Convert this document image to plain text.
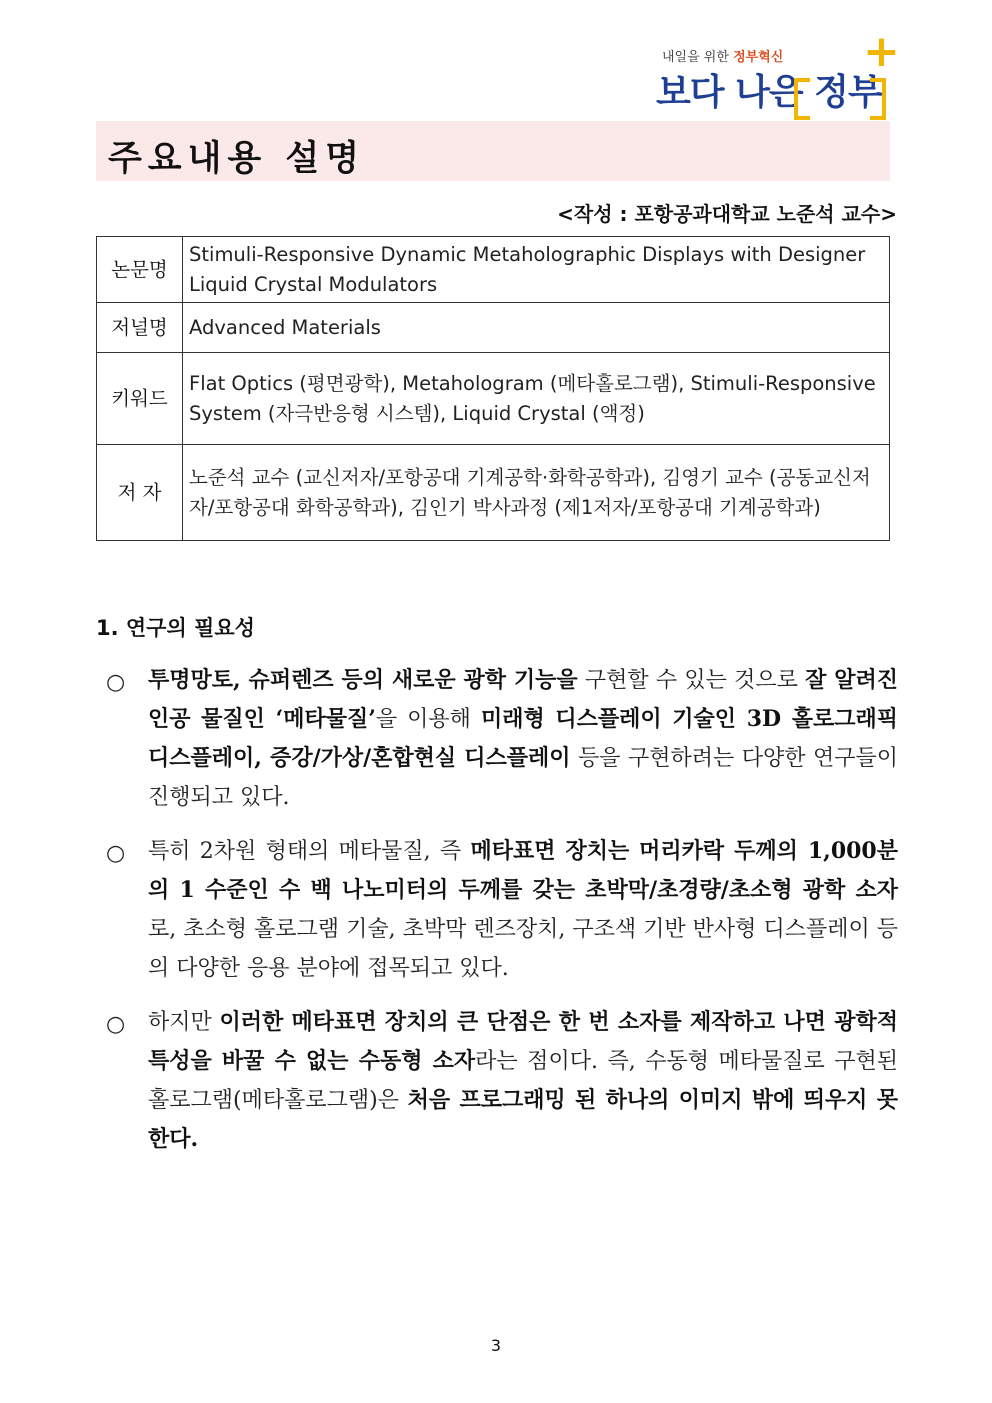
내일을 위한 정부혁신
보다 나은 정부
+
주요내용 설명
<작성 : 포항공과대학교 노준석 교수>
논문명	Stimuli-Responsive Dynamic Metaholographic Displays with Designer Liquid Crystal Modulators
저널명	Advanced Materials
키워드	Flat Optics (평면광학), Metahologram (메타홀로그램), Stimuli-Responsive System (자극반응형 시스템), Liquid Crystal (액정)
저 자	노준석 교수 (교신저자/포항공대 기계공학·화학공학과), 김영기 교수 (공동교신저자/포항공대 화학공학과), 김인기 박사과정 (제1저자/포항공대 기계공학과)
1. 연구의 필요성
○ 투명망토, 슈퍼렌즈 등의 새로운 광학 기능을 구현할 수 있는 것으로 잘 알려진 인공 물질인 ‘메타물질’을 이용해 미래형 디스플레이 기술인 3D 홀로그래픽 디스플레이, 증강/가상/혼합현실 디스플레이 등을 구현하려는 다양한 연구들이 진행되고 있다.
○ 특히 2차원 형태의 메타물질, 즉 메타표면 장치는 머리카락 두께의 1,000분의 1 수준인 수 백 나노미터의 두께를 갖는 초박막/초경량/초소형 광학 소자로, 초소형 홀로그램 기술, 초박막 렌즈장치, 구조색 기반 반사형 디스플레이 등의 다양한 응용 분야에 접목되고 있다.
○ 하지만 이러한 메타표면 장치의 큰 단점은 한 번 소자를 제작하고 나면 광학적 특성을 바꿀 수 없는 수동형 소자라는 점이다. 즉, 수동형 메타물질로 구현된 홀로그램(메타홀로그램)은 처음 프로그래밍 된 하나의 이미지 밖에 띄우지 못한다.
3
